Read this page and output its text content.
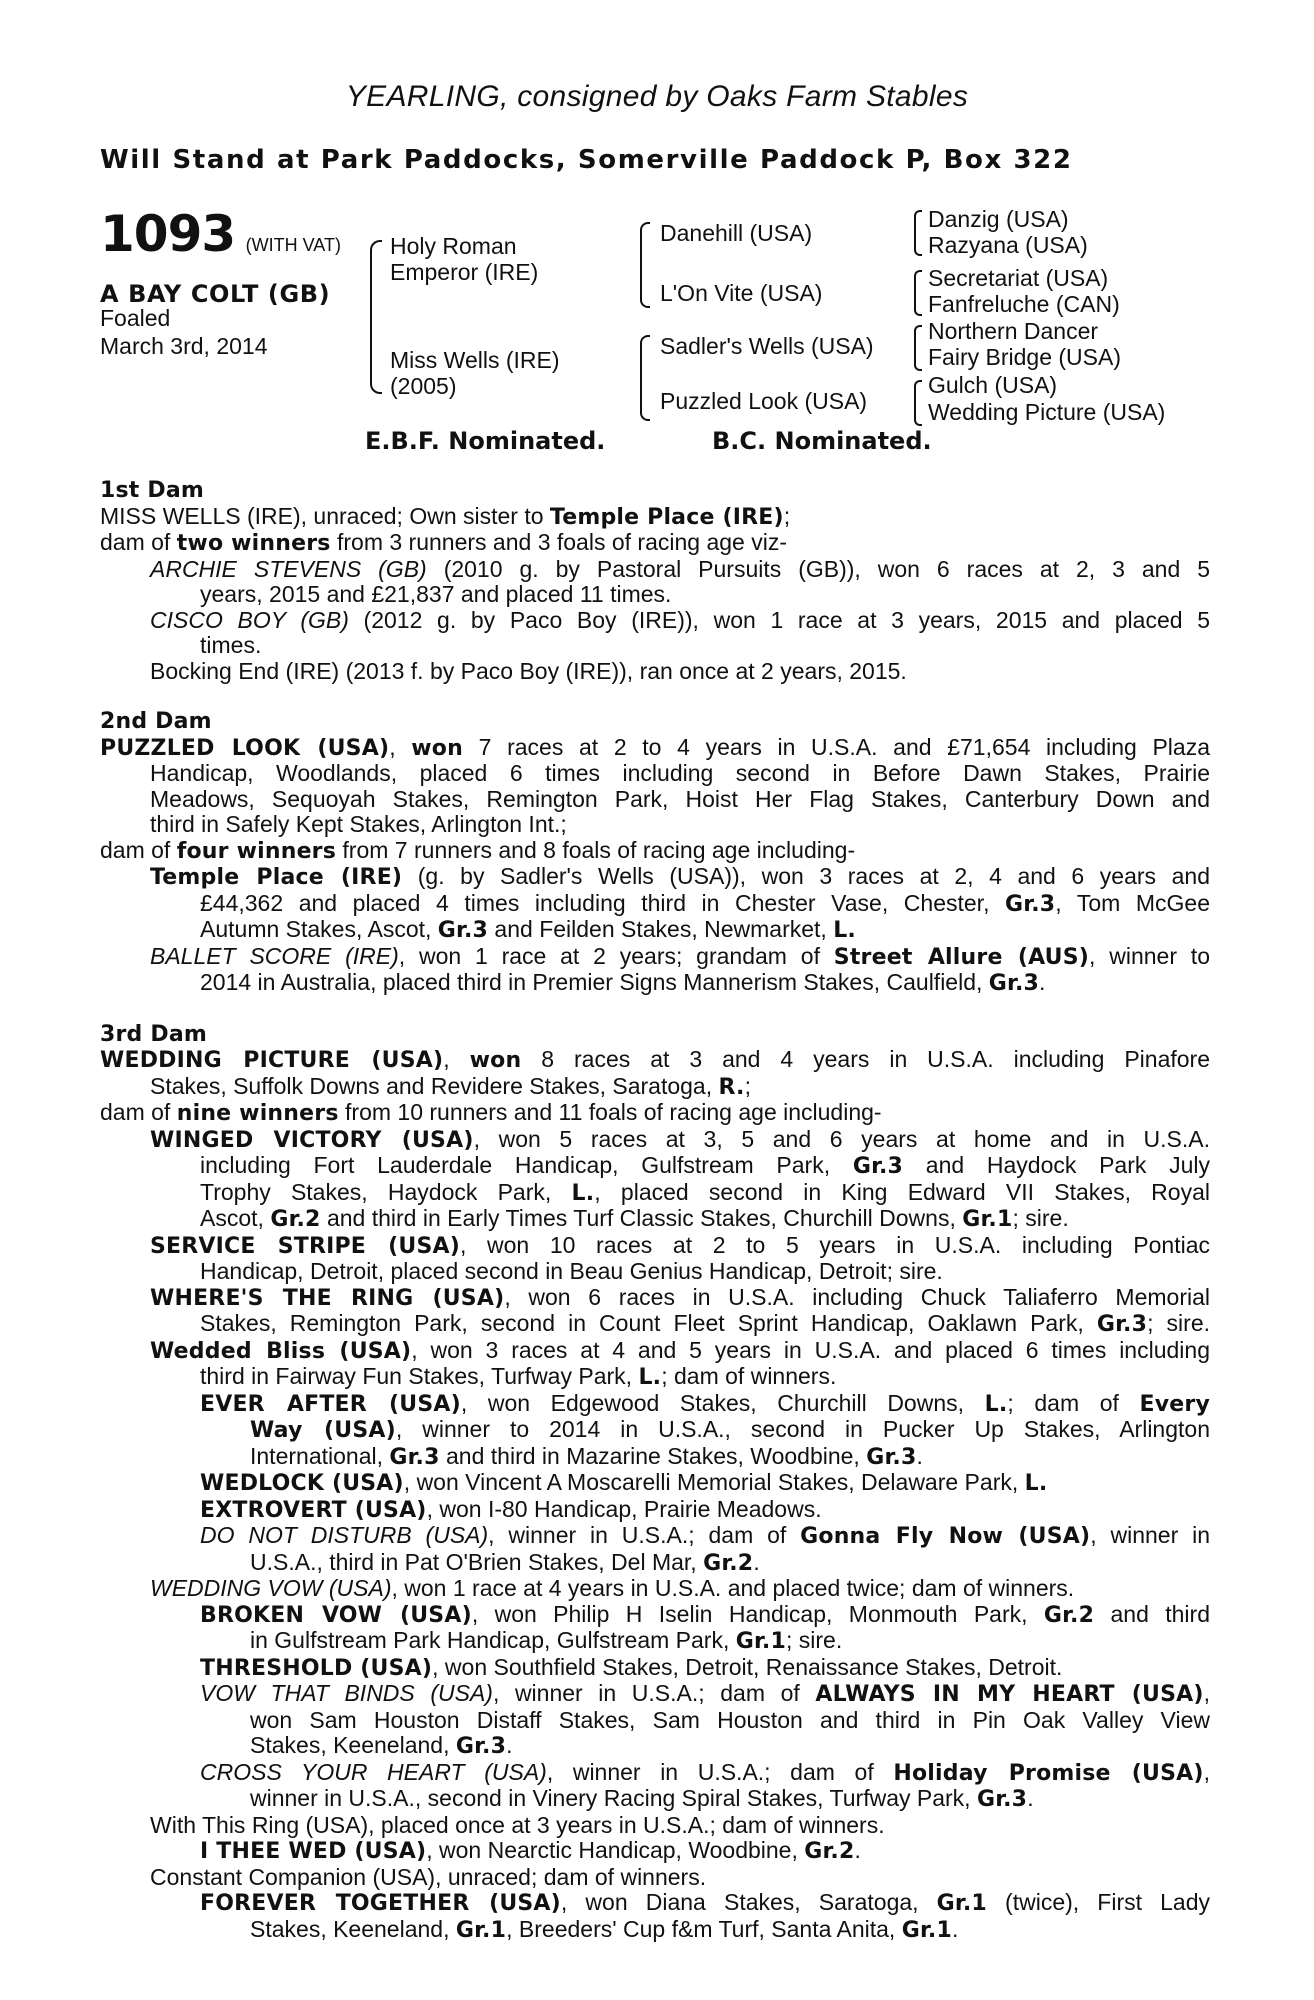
YEARLING, consigned by Oaks Farm Stables
Will Stand at Park Paddocks, Somerville Paddock P, Box 322
1093 (WITH VAT)
A BAY COLT (GB)
Foaled
March 3rd, 2014
Holy Roman
Emperor (IRE)
Miss Wells (IRE)
(2005)
Danehill (USA)
L'On Vite (USA)
Sadler's Wells (USA)
Puzzled Look (USA)
Danzig (USA)
Razyana (USA)
Secretariat (USA)
Fanfreluche (CAN)
Northern Dancer
Fairy Bridge (USA)
Gulch (USA)
Wedding Picture (USA)
E.B.F. Nominated.	B.C. Nominated.
1st Dam
MISS WELLS (IRE), unraced; Own sister to Temple Place (IRE);
dam of two winners from 3 runners and 3 foals of racing age viz-
ARCHIE STEVENS (GB) (2010 g. by Pastoral Pursuits (GB)), won 6 races at 2, 3 and 5
years, 2015 and £21,837 and placed 11 times.
CISCO BOY (GB) (2012 g. by Paco Boy (IRE)), won 1 race at 3 years, 2015 and placed 5
times.
Bocking End (IRE) (2013 f. by Paco Boy (IRE)), ran once at 2 years, 2015.
2nd Dam
PUZZLED LOOK (USA), won 7 races at 2 to 4 years in U.S.A. and £71,654 including Plaza
Handicap, Woodlands, placed 6 times including second in Before Dawn Stakes, Prairie
Meadows, Sequoyah Stakes, Remington Park, Hoist Her Flag Stakes, Canterbury Down and
third in Safely Kept Stakes, Arlington Int.;
dam of four winners from 7 runners and 8 foals of racing age including-
Temple Place (IRE) (g. by Sadler's Wells (USA)), won 3 races at 2, 4 and 6 years and
£44,362 and placed 4 times including third in Chester Vase, Chester, Gr.3, Tom McGee
Autumn Stakes, Ascot, Gr.3 and Feilden Stakes, Newmarket, L.
BALLET SCORE (IRE), won 1 race at 2 years; grandam of Street Allure (AUS), winner to
2014 in Australia, placed third in Premier Signs Mannerism Stakes, Caulfield, Gr.3.
3rd Dam
WEDDING PICTURE (USA), won 8 races at 3 and 4 years in U.S.A. including Pinafore
Stakes, Suffolk Downs and Revidere Stakes, Saratoga, R.;
dam of nine winners from 10 runners and 11 foals of racing age including-
WINGED VICTORY (USA), won 5 races at 3, 5 and 6 years at home and in U.S.A.
including Fort Lauderdale Handicap, Gulfstream Park, Gr.3 and Haydock Park July
Trophy Stakes, Haydock Park, L., placed second in King Edward VII Stakes, Royal
Ascot, Gr.2 and third in Early Times Turf Classic Stakes, Churchill Downs, Gr.1; sire.
SERVICE STRIPE (USA), won 10 races at 2 to 5 years in U.S.A. including Pontiac
Handicap, Detroit, placed second in Beau Genius Handicap, Detroit; sire.
WHERE'S THE RING (USA), won 6 races in U.S.A. including Chuck Taliaferro Memorial
Stakes, Remington Park, second in Count Fleet Sprint Handicap, Oaklawn Park, Gr.3; sire.
Wedded Bliss (USA), won 3 races at 4 and 5 years in U.S.A. and placed 6 times including
third in Fairway Fun Stakes, Turfway Park, L.; dam of winners.
EVER AFTER (USA), won Edgewood Stakes, Churchill Downs, L.; dam of Every
Way (USA), winner to 2014 in U.S.A., second in Pucker Up Stakes, Arlington
International, Gr.3 and third in Mazarine Stakes, Woodbine, Gr.3.
WEDLOCK (USA), won Vincent A Moscarelli Memorial Stakes, Delaware Park, L.
EXTROVERT (USA), won I-80 Handicap, Prairie Meadows.
DO NOT DISTURB (USA), winner in U.S.A.; dam of Gonna Fly Now (USA), winner in
U.S.A., third in Pat O'Brien Stakes, Del Mar, Gr.2.
WEDDING VOW (USA), won 1 race at 4 years in U.S.A. and placed twice; dam of winners.
BROKEN VOW (USA), won Philip H Iselin Handicap, Monmouth Park, Gr.2 and third
in Gulfstream Park Handicap, Gulfstream Park, Gr.1; sire.
THRESHOLD (USA), won Southfield Stakes, Detroit, Renaissance Stakes, Detroit.
VOW THAT BINDS (USA), winner in U.S.A.; dam of ALWAYS IN MY HEART (USA),
won Sam Houston Distaff Stakes, Sam Houston and third in Pin Oak Valley View
Stakes, Keeneland, Gr.3.
CROSS YOUR HEART (USA), winner in U.S.A.; dam of Holiday Promise (USA),
winner in U.S.A., second in Vinery Racing Spiral Stakes, Turfway Park, Gr.3.
With This Ring (USA), placed once at 3 years in U.S.A.; dam of winners.
I THEE WED (USA), won Nearctic Handicap, Woodbine, Gr.2.
Constant Companion (USA), unraced; dam of winners.
FOREVER TOGETHER (USA), won Diana Stakes, Saratoga, Gr.1 (twice), First Lady
Stakes, Keeneland, Gr.1, Breeders' Cup f&m Turf, Santa Anita, Gr.1.
